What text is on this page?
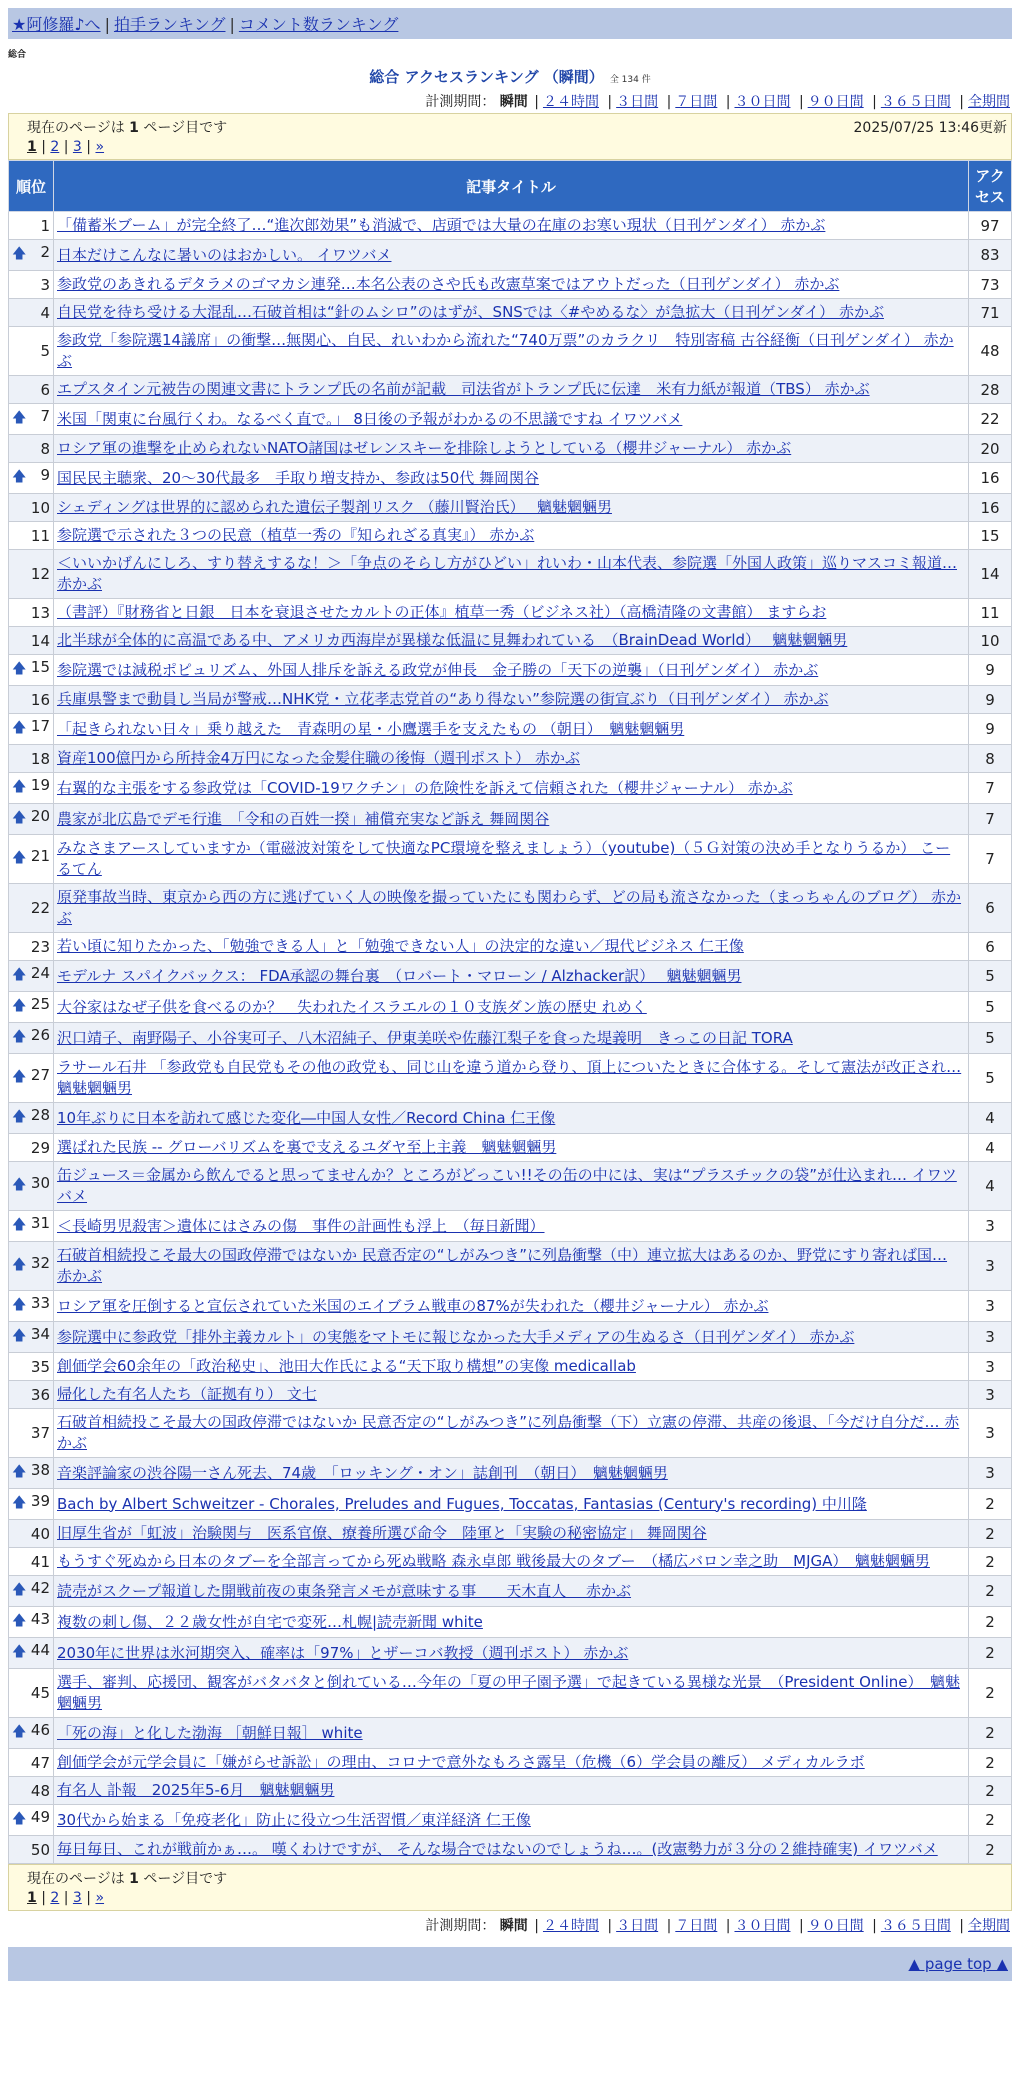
★阿修羅♪へ | 拍手ランキング | コメント数ランキング
総合
総合 アクセスランキング （瞬間） 全 134 件
計測期間： 瞬間 | ２４時間 | ３日間 | ７日間 | ３０日間 | ９０日間 | ３６５日間 | 全期間
現在のページは 1 ページ目です	2025/07/25 13:46更新
1 | 2 | 3 | »
順位	記事タイトル	アクセス
1	「備蓄米ブーム」が完全終了…“進次郎効果”も消滅で、店頭では大量の在庫のお寒い現状（日刊ゲンダイ） 赤かぶ	97

🡅 2	日本だけこんなに暑いのはおかしい。 イワツバメ	83
3	参政党のあきれるデタラメのゴマカシ連発…本名公表のさや氏も改憲草案ではアウトだった（日刊ゲンダイ） 赤かぶ	73
4	自民党を待ち受ける大混乱…石破首相は“針のムシロ”のはずが、SNSでは〈#やめるな〉が急拡大（日刊ゲンダイ） 赤かぶ	71
5	参政党「参院選14議席」の衝撃…無関心、自民、れいわから流れた“740万票”のカラクリ　特別寄稿 古谷経衡（日刊ゲンダイ） 赤かぶ	48
6	エプスタイン元被告の関連文書にトランプ氏の名前が記載　司法省がトランプ氏に伝達　米有力紙が報道（TBS） 赤かぶ	28

🡅 7	米国「関東に台風行くわ。なるべく直で。」 8日後の予報がわかるの不思議ですね イワツバメ	22
8	ロシア軍の進撃を止められないNATO諸国はゼレンスキーを排除しようとしている（櫻井ジャーナル） 赤かぶ	20

🡅 9	国民民主聴衆、20～30代最多　手取り増支持か、参政は50代 舞岡関谷	16
10	シェディングは世界的に認められた遺伝子製剤リスク （藤川賢治氏）　 魑魅魍魎男	16
11	参院選で示された３つの民意（植草一秀の『知られざる真実』） 赤かぶ	15
12	＜いいかげんにしろ、すり替えするな！＞「争点のそらし方がひどい」れいわ・山本代表、参院選「外国人政策」巡りマスコミ報道… 赤かぶ	14
13	（書評）『財務省と日銀　日本を衰退させたカルトの正体』植草一秀（ビジネス社）（高橋清隆の文書館） ますらお	11
14	北半球が全体的に高温である中、アメリカ西海岸が異様な低温に見舞われている　（BrainDead World）　 魑魅魍魎男	10

🡅 15	参院選では減税ポピュリズム、外国人排斥を訴える政党が伸長　金子勝の「天下の逆襲」（日刊ゲンダイ） 赤かぶ	9
16	兵庫県警まで動員し当局が警戒…NHK党・立花孝志党首の“あり得ない”参院選の街宣ぶり（日刊ゲンダイ） 赤かぶ	9

🡅 17	「起きられない日々」乗り越えた　青森明の星・小鷹選手を支えたもの （朝日）　魑魅魍魎男	9
18	資産100億円から所持金4万円になった金髪住職の後悔（週刊ポスト） 赤かぶ	8

🡅 19	右翼的な主張をする参政党は「COVID-19ワクチン」の危険性を訴えて信頼された（櫻井ジャーナル） 赤かぶ	7

🡅 20	農家が北広島でデモ行進　「令和の百姓一揆」補償充実など訴え 舞岡関谷	7

🡅 21	みなさまアースしていますか（電磁波対策をして快適なPC環境を整えましょう）（youtube)（５Ｇ対策の決め手となりうるか） こーるてん	7
22	原発事故当時、東京から西の方に逃げていく人の映像を撮っていたにも関わらず、どの局も流さなかった（まっちゃんのブログ） 赤かぶ	6
23	若い頃に知りたかった、「勉強できる人」と「勉強できない人」の決定的な違い／現代ビジネス 仁王像	6

🡅 24	モデルナ スパイクバックス： FDA承認の舞台裏　（ロバート・マローン / Alzhacker訳）　 魑魅魍魎男	5

🡅 25	大谷家はなぜ子供を食べるのか？　失われたイスラエルの１０支族ダン族の歴史 れめく	5

🡅 26	沢口靖子、南野陽子、小谷実可子、八木沼純子、伊東美咲や佐藤江梨子を食った堤義明　きっこの日記 TORA	5

🡅 27	ラサール石井 「参政党も自民党もその他の政党も、同じ山を違う道から登り、頂上についたときに合体する。そして憲法が改正され… 魑魅魍魎男	5

🡅 28	10年ぶりに日本を訪れて感じた変化―中国人女性／Record China 仁王像	4
29	選ばれた民族 -- グローバリズムを裏で支えるユダヤ至上主義　魑魅魍魎男	4

🡅 30	缶ジュース＝金属から飲んでると思ってませんか？ところがどっこい!!その缶の中には、実は“プラスチックの袋”が仕込まれ… イワツバメ	4

🡅 31	＜長崎男児殺害＞遺体にはさみの傷　事件の計画性も浮上　（毎日新聞）	3

🡅 32	石破首相続投こそ最大の国政停滞ではないか 民意否定の“しがみつき”に列島衝撃（中）連立拡大はあるのか、野党にすり寄れば国… 赤かぶ	3

🡅 33	ロシア軍を圧倒すると宣伝されていた米国のエイブラム戦車の87%が失われた（櫻井ジャーナル） 赤かぶ	3

🡅 34	参院選中に参政党「排外主義カルト」の実態をマトモに報じなかった大手メディアの生ぬるさ（日刊ゲンダイ） 赤かぶ	3
35	創価学会60余年の「政治秘史」、池田大作氏による“天下取り構想”の実像 medicallab	3
36	帰化した有名人たち（証拠有り） 文七	3
37	石破首相続投こそ最大の国政停滞ではないか 民意否定の“しがみつき”に列島衝撃（下）立憲の停滞、共産の後退、「今だけ自分だ… 赤かぶ	3

🡅 38	音楽評論家の渋谷陽一さん死去、74歳　「ロッキング・オン」誌創刊　（朝日）　魑魅魍魎男	3

🡅 39	Bach by Albert Schweitzer - Chorales, Preludes and Fugues, Toccatas, Fantasias (Century's recording) 中川隆	2
40	旧厚生省が「虹波」治験関与　医系官僚、療養所選び命令　陸軍と「実験の秘密協定」 舞岡関谷	2
41	もうすぐ死ぬから日本のタブーを全部言ってから死ぬ戦略 森永卓郎 戦後最大のタブー　（橘広バロン幸之助　MJGA）　魑魅魍魎男	2

🡅 42	読売がスクープ報道した開戦前夜の東条発言メモが意味する事　　天木直人　 赤かぶ	2

🡅 43	複数の刺し傷、２２歳女性が自宅で変死…札幌|読売新聞 white	2

🡅 44	2030年に世界は氷河期突入、確率は「97%」とザーコバ教授（週刊ポスト） 赤かぶ	2
45	選手、審判、応援団、観客がバタバタと倒れている…今年の「夏の甲子園予選」で起きている異様な光景　（President Online）　魑魅魍魎男	2

🡅 46	「死の海」と化した渤海 ［朝鮮日報］ white	2
47	創価学会が元学会員に「嫌がらせ訴訟」の理由、コロナで意外なもろさ露呈（危機（6）学会員の離反） メディカルラボ	2
48	有名人 訃報　2025年5-6月　魑魅魍魎男	2

🡅 49	30代から始まる「免疫老化」防止に役立つ生活習慣／東洋経済 仁王像	2
50	毎日毎日、これが戦前かぁ…。 嘆くわけですが、 そんな場合ではないのでしょうね…。(改憲勢力が３分の２維持確実) イワツバメ	2
現在のページは 1 ページ目です
1 | 2 | 3 | »
計測期間： 瞬間 | ２４時間 | ３日間 | ７日間 | ３０日間 | ９０日間 | ３６５日間 | 全期間
▲ page top ▲
